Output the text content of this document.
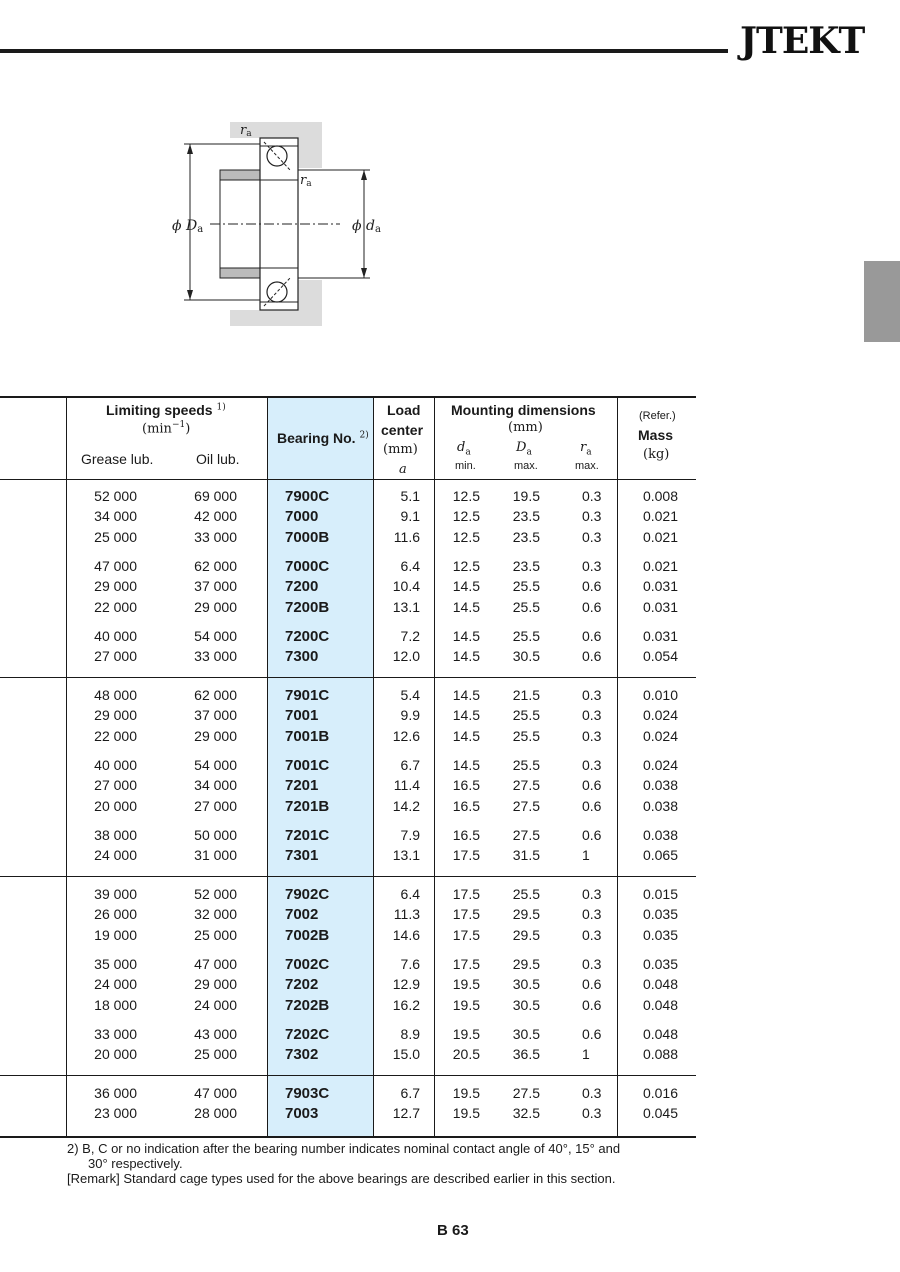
JTEKT
ra
ra
ϕ Da	ϕ da
Limiting speeds $^{1)}$
$(\min^{-1})$
Grease lub.	Oil lub.
Bearing No. $^{2)}$
Load
center
(mm)
a
Mounting dimensions
(mm)
$d_a$	$D_a$	$r_a$
min.	max.	max.
(Refer.)
Mass
(kg)
52 000	69 000	7900C	5.1	12.5	19.5	0.3	0.008
34 000	42 000	7000	9.1	12.5	23.5	0.3	0.021
25 000	33 000	7000B	11.6	12.5	23.5	0.3	0.021
47 000	62 000	7000C	6.4	12.5	23.5	0.3	0.021
29 000	37 000	7200	10.4	14.5	25.5	0.6	0.031
22 000	29 000	7200B	13.1	14.5	25.5	0.6	0.031
40 000	54 000	7200C	7.2	14.5	25.5	0.6	0.031
27 000	33 000	7300	12.0	14.5	30.5	0.6	0.054
48 000	62 000	7901C	5.4	14.5	21.5	0.3	0.010
29 000	37 000	7001	9.9	14.5	25.5	0.3	0.024
22 000	29 000	7001B	12.6	14.5	25.5	0.3	0.024
40 000	54 000	7001C	6.7	14.5	25.5	0.3	0.024
27 000	34 000	7201	11.4	16.5	27.5	0.6	0.038
20 000	27 000	7201B	14.2	16.5	27.5	0.6	0.038
38 000	50 000	7201C	7.9	16.5	27.5	0.6	0.038
24 000	31 000	7301	13.1	17.5	31.5	1	0.065
39 000	52 000	7902C	6.4	17.5	25.5	0.3	0.015
26 000	32 000	7002	11.3	17.5	29.5	0.3	0.035
19 000	25 000	7002B	14.6	17.5	29.5	0.3	0.035
35 000	47 000	7002C	7.6	17.5	29.5	0.3	0.035
24 000	29 000	7202	12.9	19.5	30.5	0.6	0.048
18 000	24 000	7202B	16.2	19.5	30.5	0.6	0.048
33 000	43 000	7202C	8.9	19.5	30.5	0.6	0.048
20 000	25 000	7302	15.0	20.5	36.5	1	0.088
36 000	47 000	7903C	6.7	19.5	27.5	0.3	0.016
23 000	28 000	7003	12.7	19.5	32.5	0.3	0.045
2) B, C or no indication after the bearing number indicates nominal contact angle of 40°, 15° and
30° respectively.
[Remark] Standard cage types used for the above bearings are described earlier in this section.
B 63
